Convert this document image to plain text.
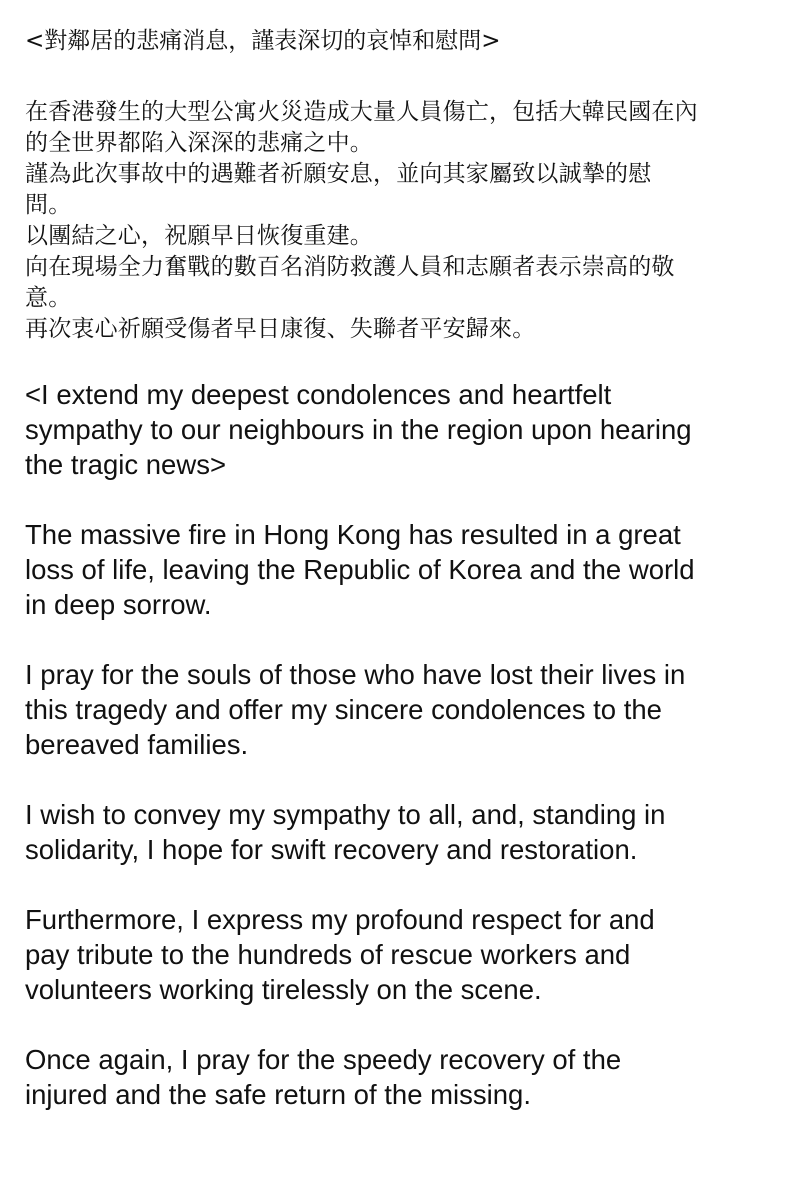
<對鄰居的悲痛消息，謹表深切的哀悼和慰問>
在香港發生的大型公寓火災造成大量人員傷亡，包括大韓民國在內
的全世界都陷入深深的悲痛之中。
謹為此次事故中的遇難者祈願安息，並向其家屬致以誠摯的慰
問。
以團結之心，祝願早日恢復重建。
向在現場全力奮戰的數百名消防救護人員和志願者表示崇高的敬
意。
再次衷心祈願受傷者早日康復、失聯者平安歸來。

<I extend my deepest condolences and heartfelt
sympathy to our neighbours in the region upon hearing
the tragic news>

The massive fire in Hong Kong has resulted in a great
loss of life, leaving the Republic of Korea and the world
in deep sorrow.

I pray for the souls of those who have lost their lives in
this tragedy and offer my sincere condolences to the
bereaved families.

I wish to convey my sympathy to all, and, standing in
solidarity, I hope for swift recovery and restoration.

Furthermore, I express my profound respect for and
pay tribute to the hundreds of rescue workers and
volunteers working tirelessly on the scene.

Once again, I pray for the speedy recovery of the
injured and the safe return of the missing.
